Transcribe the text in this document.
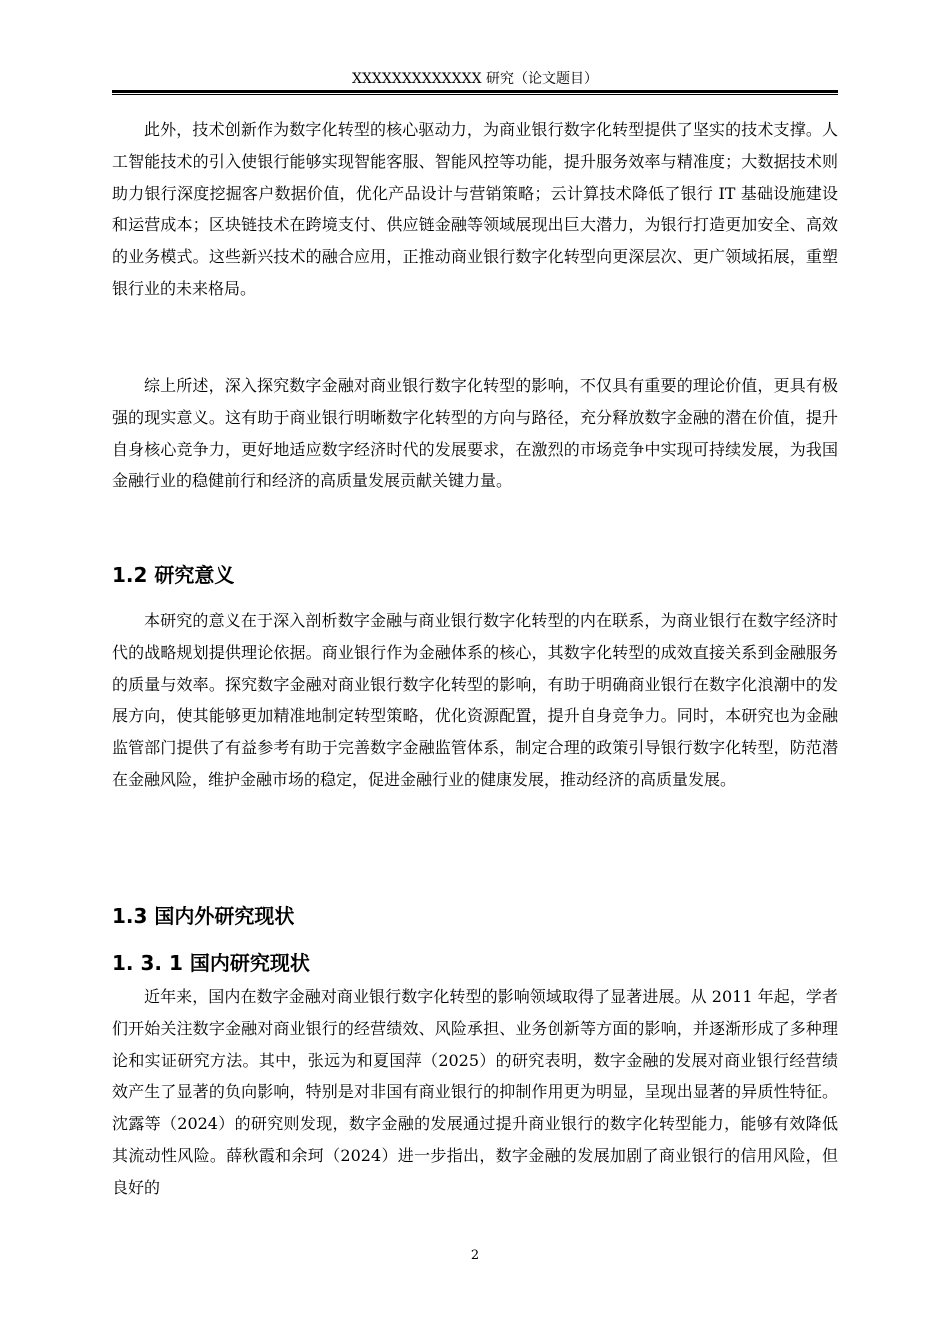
XXXXXXXXXXXXX 研究（论文题目）

此外，技术创新作为数字化转型的核心驱动力，为商业银行数字化转型提供了坚实的技术支撑。人工智能技术的引入使银行能够实现智能客服、智能风控等功能，提升服务效率与精准度；大数据技术则助力银行深度挖掘客户数据价值，优化产品设计与营销策略；云计算技术降低了银行 IT 基础设施建设和运营成本；区块链技术在跨境支付、供应链金融等领域展现出巨大潜力，为银行打造更加安全、高效的业务模式。这些新兴技术的融合应用，正推动商业银行数字化转型向更深层次、更广领域拓展，重塑银行业的未来格局。

综上所述，深入探究数字金融对商业银行数字化转型的影响，不仅具有重要的理论价值，更具有极强的现实意义。这有助于商业银行明晰数字化转型的方向与路径，充分释放数字金融的潜在价值，提升自身核心竞争力，更好地适应数字经济时代的发展要求，在激烈的市场竞争中实现可持续发展，为我国金融行业的稳健前行和经济的高质量发展贡献关键力量。

1.2 研究意义

本研究的意义在于深入剖析数字金融与商业银行数字化转型的内在联系，为商业银行在数字经济时代的战略规划提供理论依据。商业银行作为金融体系的核心，其数字化转型的成效直接关系到金融服务的质量与效率。探究数字金融对商业银行数字化转型的影响，有助于明确商业银行在数字化浪潮中的发展方向，使其能够更加精准地制定转型策略，优化资源配置，提升自身竞争力。同时，本研究也为金融监管部门提供了有益参考有助于完善数字金融监管体系，制定合理的政策引导银行数字化转型，防范潜在金融风险，维护金融市场的稳定，促进金融行业的健康发展，推动经济的高质量发展。

1.3 国内外研究现状
1. 3. 1 国内研究现状

近年来，国内在数字金融对商业银行数字化转型的影响领域取得了显著进展。从 2011 年起，学者们开始关注数字金融对商业银行的经营绩效、风险承担、业务创新等方面的影响，并逐渐形成了多种理论和实证研究方法。其中，张远为和夏国萍（2025）的研究表明，数字金融的发展对商业银行经营绩效产生了显著的负向影响，特别是对非国有商业银行的抑制作用更为明显，呈现出显著的异质性特征。沈露等（2024）的研究则发现，数字金融的发展通过提升商业银行的数字化转型能力，能够有效降低其流动性风险。薛秋霞和余珂（2024）进一步指出，数字金融的发展加剧了商业银行的信用风险，但良好的

2
